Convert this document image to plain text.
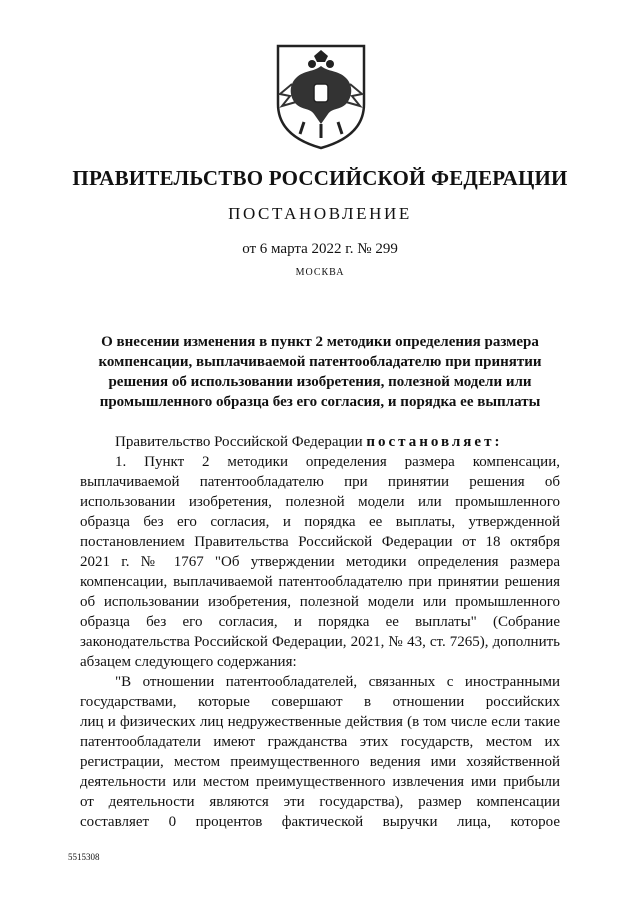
ПРАВИТЕЛЬСТВО РОССИЙСКОЙ ФЕДЕРАЦИИ
ПОСТАНОВЛЕНИЕ
от 6 марта 2022 г. № 299
МОСКВА
О внесении изменения в пункт 2 методики определения размера
компенсации, выплачиваемой патентообладателю при принятии
решения об использовании изобретения, полезной модели или
промышленного образца без его согласия, и порядка ее выплаты
Правительство Российской Федерации постановляет:
1. Пункт 2 методики определения размера компенсации,
выплачиваемой патентообладателю при принятии решения об
использовании изобретения, полезной модели или промышленного
образца без его согласия, и порядка ее выплаты, утвержденной
постановлением Правительства Российской Федерации от 18 октября
2021 г. № 1767 "Об утверждении методики определения размера
компенсации, выплачиваемой патентообладателю при принятии решения
об использовании изобретения, полезной модели или промышленного
образца без его согласия, и порядка ее выплаты" (Собрание
законодательства Российской Федерации, 2021, № 43, ст. 7265), дополнить
абзацем следующего содержания:
"В отношении патентообладателей, связанных с иностранными
государствами, которые совершают в отношении российских
лиц и физических лиц недружественные действия (в том числе если такие
патентообладатели имеют гражданства этих государств, местом их
регистрации, местом преимущественного ведения ими хозяйственной
деятельности или местом преимущественного извлечения ими прибыли
от деятельности являются эти государства), размер компенсации
составляет 0 процентов фактической выручки лица, которое
5515308
